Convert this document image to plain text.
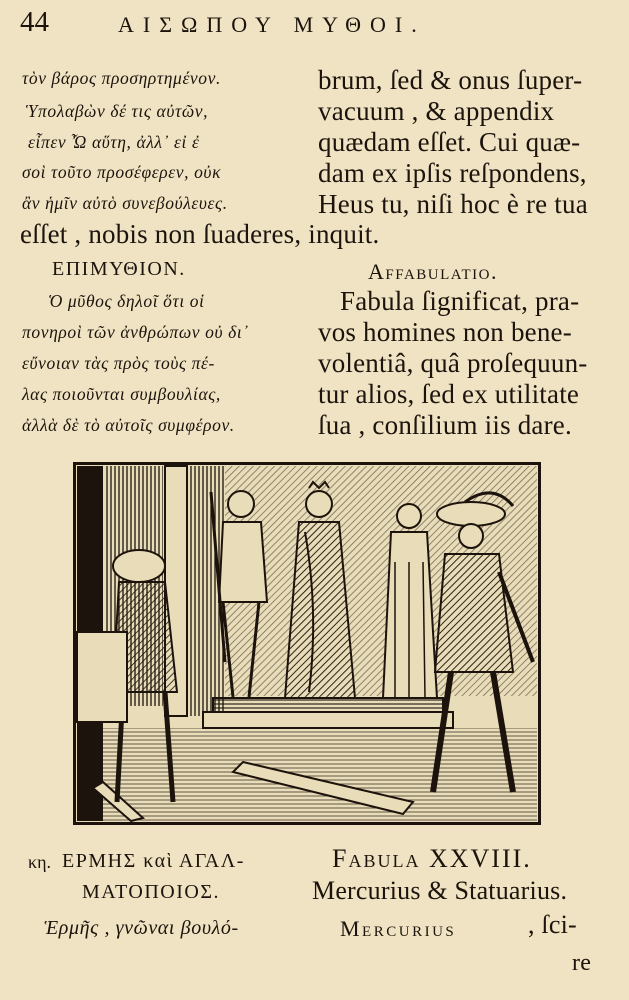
44	ΑΙΣΩΠΟΥ ΜΥΘΟΙ.
τὸν βάρος προσηρτημένον.
Ὑπολαβὼν δέ τις αὐτῶν,
εἶπεν Ὦ αὕτη, ἀλλ᾽ εἰ ἐ
σοὶ τοῦτο προσέφερεν, οὐκ
ἂν ἡμῖν αὐτὸ συνεβούλευες.
brum, ſed & onus ſuper-
vacuum , & appendix
quædam eſſet. Cui quæ-
dam ex ipſis reſpondens,
Heus tu, niſi hoc è re tua
eſſet , nobis non ſuaderes, inquit.
ΕΠΙΜΥΘΙΟΝ.
Ὁ μῦθος δηλοῖ ὅτι οἱ
πονηροὶ τῶν ἀνθρώπων οὐ δι᾽
εὔνοιαν τὰς πρὸς τοὺς πέ-
λας ποιοῦνται συμβουλίας,
ἀλλὰ δὲ τὸ αὐτοῖς συμφέρον.
Affabulatio.
Fabula ſignificat, pra-
vos homines non bene-
volentiâ, quâ proſequun-
tur alios, ſed ex utilitate
ſua , conſilium iis dare.
κη. ΕΡΜΗΣ καὶ ΑΓΑΛ-
ΜΑΤΟΠΟΙΟΣ.
Ἑρμῆς , γνῶναι βουλό-
Fabula XXVIII.
Mercurius & Statuarius.
Mercurius	, ſci-
re
